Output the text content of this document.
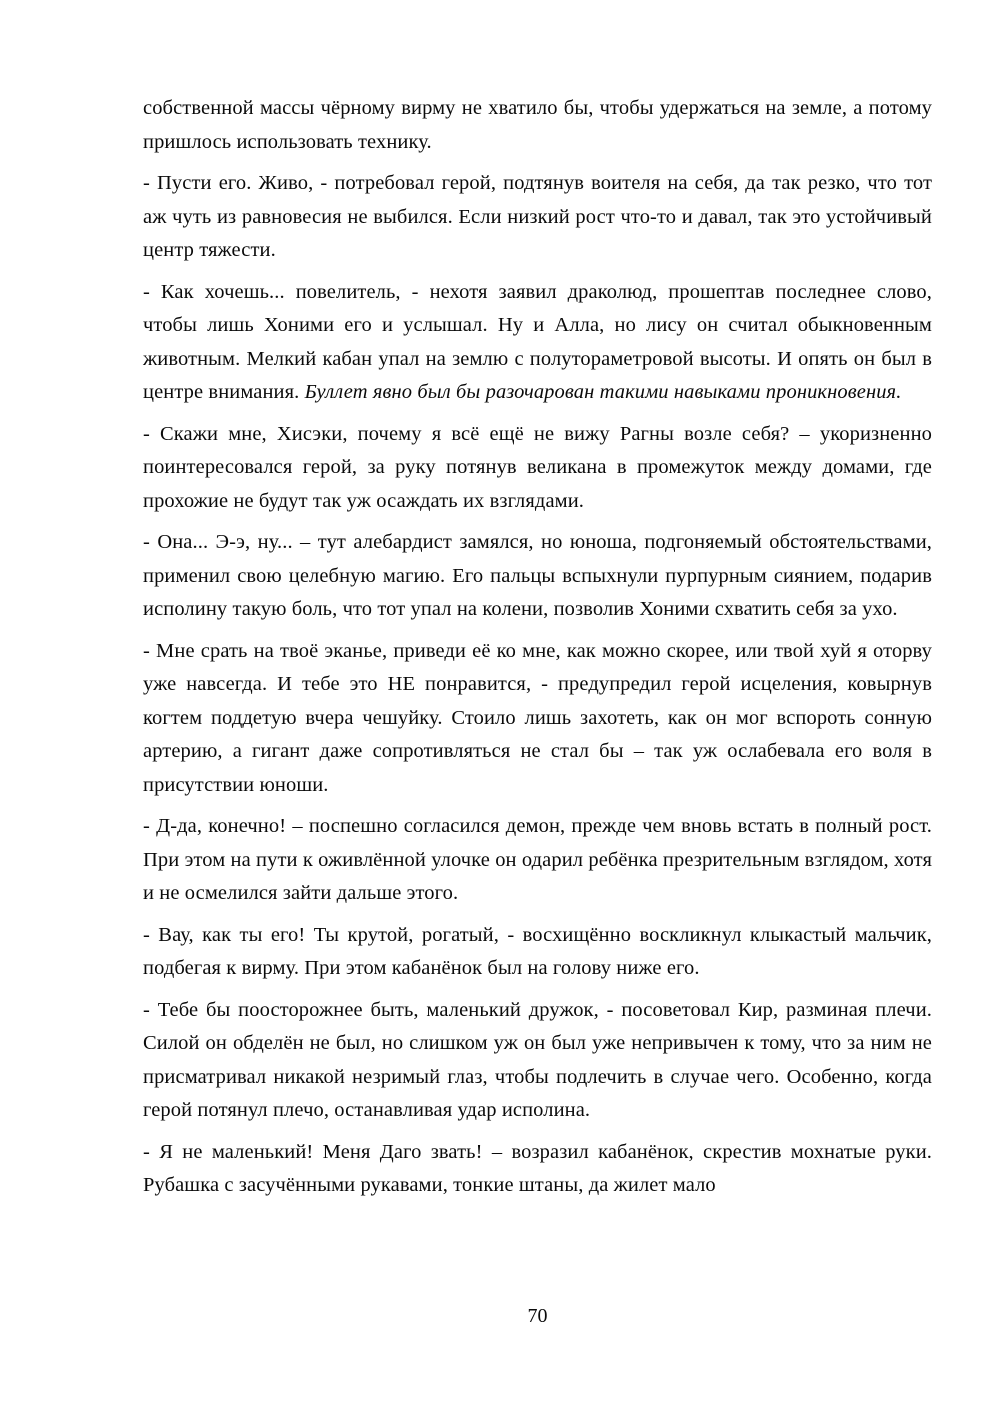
собственной массы чёрному вирму не хватило бы, чтобы удержаться на земле, а потому пришлось использовать технику.

- Пусти его. Живо, - потребовал герой, подтянув воителя на себя, да так резко, что тот аж чуть из равновесия не выбился. Если низкий рост что-то и давал, так это устойчивый центр тяжести.

- Как хочешь... повелитель, - нехотя заявил драколюд, прошептав последнее слово, чтобы лишь Хоними его и услышал. Ну и Алла, но лису он считал обыкновенным животным. Мелкий кабан упал на землю с полутораметровой высоты. И опять он был в центре внимания. Буллет явно был бы разочарован такими навыками проникновения.

- Скажи мне, Хисэки, почему я всё ещё не вижу Рагны возле себя? – укоризненно поинтересовался герой, за руку потянув великана в промежуток между домами, где прохожие не будут так уж осаждать их взглядами.

- Она... Э-э, ну... – тут алебардист замялся, но юноша, подгоняемый обстоятельствами, применил свою целебную магию. Его пальцы вспыхнули пурпурным сиянием, подарив исполину такую боль, что тот упал на колени, позволив Хоними схватить себя за ухо.

- Мне срать на твоё эканье, приведи её ко мне, как можно скорее, или твой хуй я оторву уже навсегда. И тебе это НЕ понравится, - предупредил герой исцеления, ковырнув когтем поддетую вчера чешуйку. Стоило лишь захотеть, как он мог вспороть сонную артерию, а гигант даже сопротивляться не стал бы – так уж ослабевала его воля в присутствии юноши.

- Д-да, конечно! – поспешно согласился демон, прежде чем вновь встать в полный рост. При этом на пути к оживлённой улочке он одарил ребёнка презрительным взглядом, хотя и не осмелился зайти дальше этого.

- Вау, как ты его! Ты крутой, рогатый, - восхищённо воскликнул клыкастый мальчик, подбегая к вирму. При этом кабанёнок был на голову ниже его.

- Тебе бы поосторожнее быть, маленький дружок, - посоветовал Кир, разминая плечи. Силой он обделён не был, но слишком уж он был уже непривычен к тому, что за ним не присматривал никакой незримый глаз, чтобы подлечить в случае чего. Особенно, когда герой потянул плечо, останавливая удар исполина.

- Я не маленький! Меня Даго звать! – возразил кабанёнок, скрестив мохнатые руки. Рубашка с засучёнными рукавами, тонкие штаны, да жилет мало

70
